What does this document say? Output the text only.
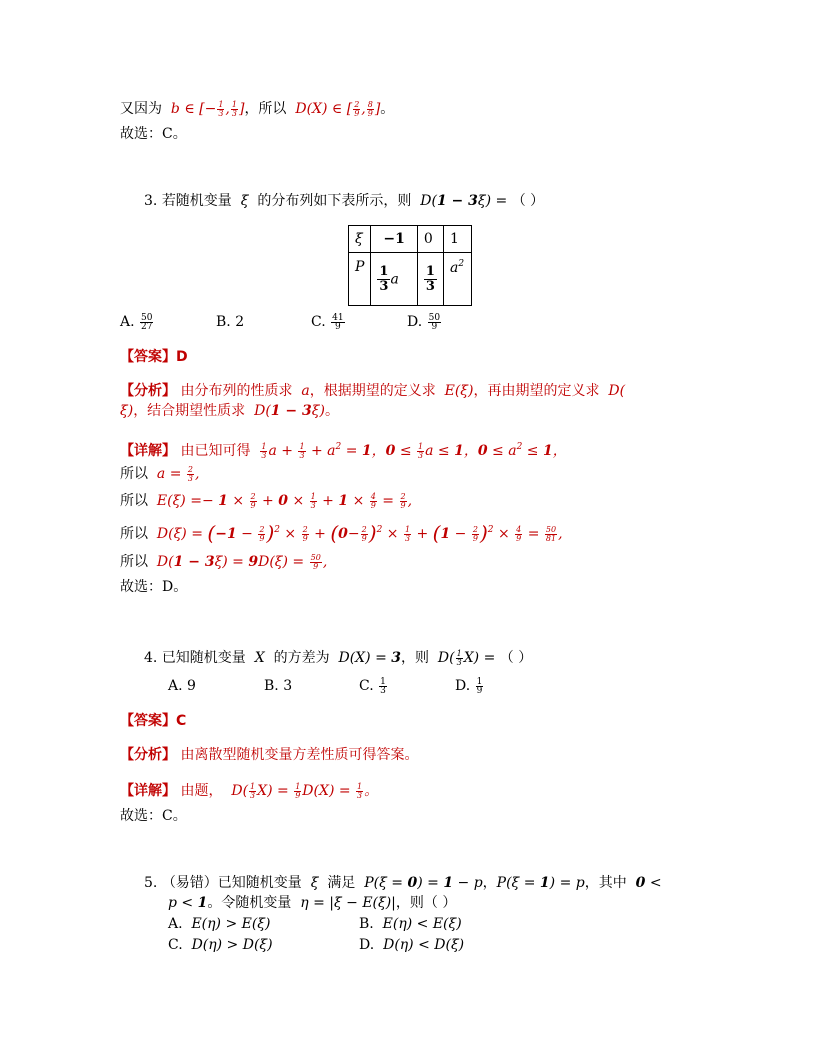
又因为  b ∈ [− $\frac{1}{3}$ , $\frac{1}{3}$ ]，所以  D(X) ∈ [ $\frac{2}{9}$ , $\frac{8}{9}$ ]。
故选：C。
3. 若随机变量  ξ  的分布列如下表所示，则  D(1 − 3ξ) = （ ）
ξ	−1	0	1
P	$\frac{1}{3}$ a	$\frac{1}{3}$	$a^2$
A. $\frac{50}{27}$	B. 2	C. $\frac{41}{9}$	D. $\frac{50}{9}$
【答案】D
【分析】 由分布列的性质求  a，根据期望的定义求  E(ξ)，再由期望的定义求  D(
ξ)，结合期望性质求  D(1 − 3ξ)。
【详解】 由已知可得 $\frac{1}{3}$ $a + \frac{1}{3} + a^2 = 1$，$0 \le \frac{1}{3}$ a ≤ 1，$0 \le a^2 \le 1$，
所以  $a = \frac{2}{3}$ ,
所以  $E(\xi) =- 1 \times \frac{2}{9} + 0 \times \frac{1}{3} + 1 \times \frac{4}{9} = \frac{2}{9}$ ,
所以  $D(\xi) = (-1 - \frac{2}{9} )^2 \times \frac{2}{9} + (0- \frac{2}{9} )^2 \times \frac{1}{3} + (1 - \frac{2}{9} )^2 \times \frac{4}{9} = \frac{50}{81}$ ,
所以  $D(1 - 3\xi) = 9D(\xi) = \frac{50}{9}$ ,
故选：D。
4. 已知随机变量  X  的方差为  D(X) = 3，则  $D( \frac{1}{3} X)$ = （ ）
A. 9	B. 3	C. $\frac{1}{3}$	D. $\frac{1}{9}$
【答案】C
【分析】 由离散型随机变量方差性质可得答案。
【详解】 由题，  $D( \frac{1}{3} X) = \frac{1}{9} D(X) = \frac{1}{3}$ 。
故选：C。
5. （易错）已知随机变量  ξ  满足  P(ξ = 0) = 1 − p，P(ξ = 1) = p，其中 0 <
p < 1。令随机变量  η = |ξ − E(ξ)|，则（ ）
A.  E(η) > E(ξ)	B.  E(η) < E(ξ)
C.  D(η) > D(ξ)	D.  D(η) < D(ξ)
